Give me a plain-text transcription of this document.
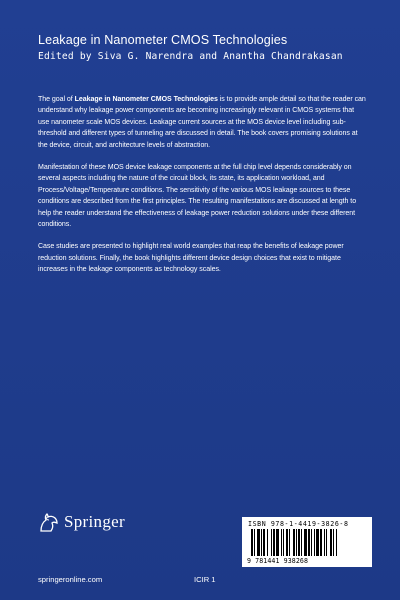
Leakage in Nanometer CMOS Technologies
Edited by Siva G. Narendra and Anantha Chandrakasan

The goal of Leakage in Nanometer CMOS Technologies is to provide ample detail so that the reader can understand why leakage power components are becoming increasingly relevant in CMOS systems that use nanometer scale MOS devices. Leakage current sources at the MOS device level including sub-threshold and different types of tunneling are discussed in detail. The book covers promising solutions at the device, circuit, and architecture levels of abstraction.

Manifestation of these MOS device leakage components at the full chip level depends considerably on several aspects including the nature of the circuit block, its state, its application workload, and Process/Voltage/Temperature conditions. The sensitivity of the various MOS leakage sources to these conditions are described from the first principles. The resulting manifestations are discussed at length to help the reader understand the effectiveness of leakage power reduction solutions under these different conditions.

Case studies are presented to highlight real world examples that reap the benefits of leakage power reduction solutions. Finally, the book highlights different device design choices that exist to mitigate increases in the leakage components as technology scales.

Springer
springeronline.com	ICIR 1
ISBN 978-1-4419-3826-8
9 781441 938268
